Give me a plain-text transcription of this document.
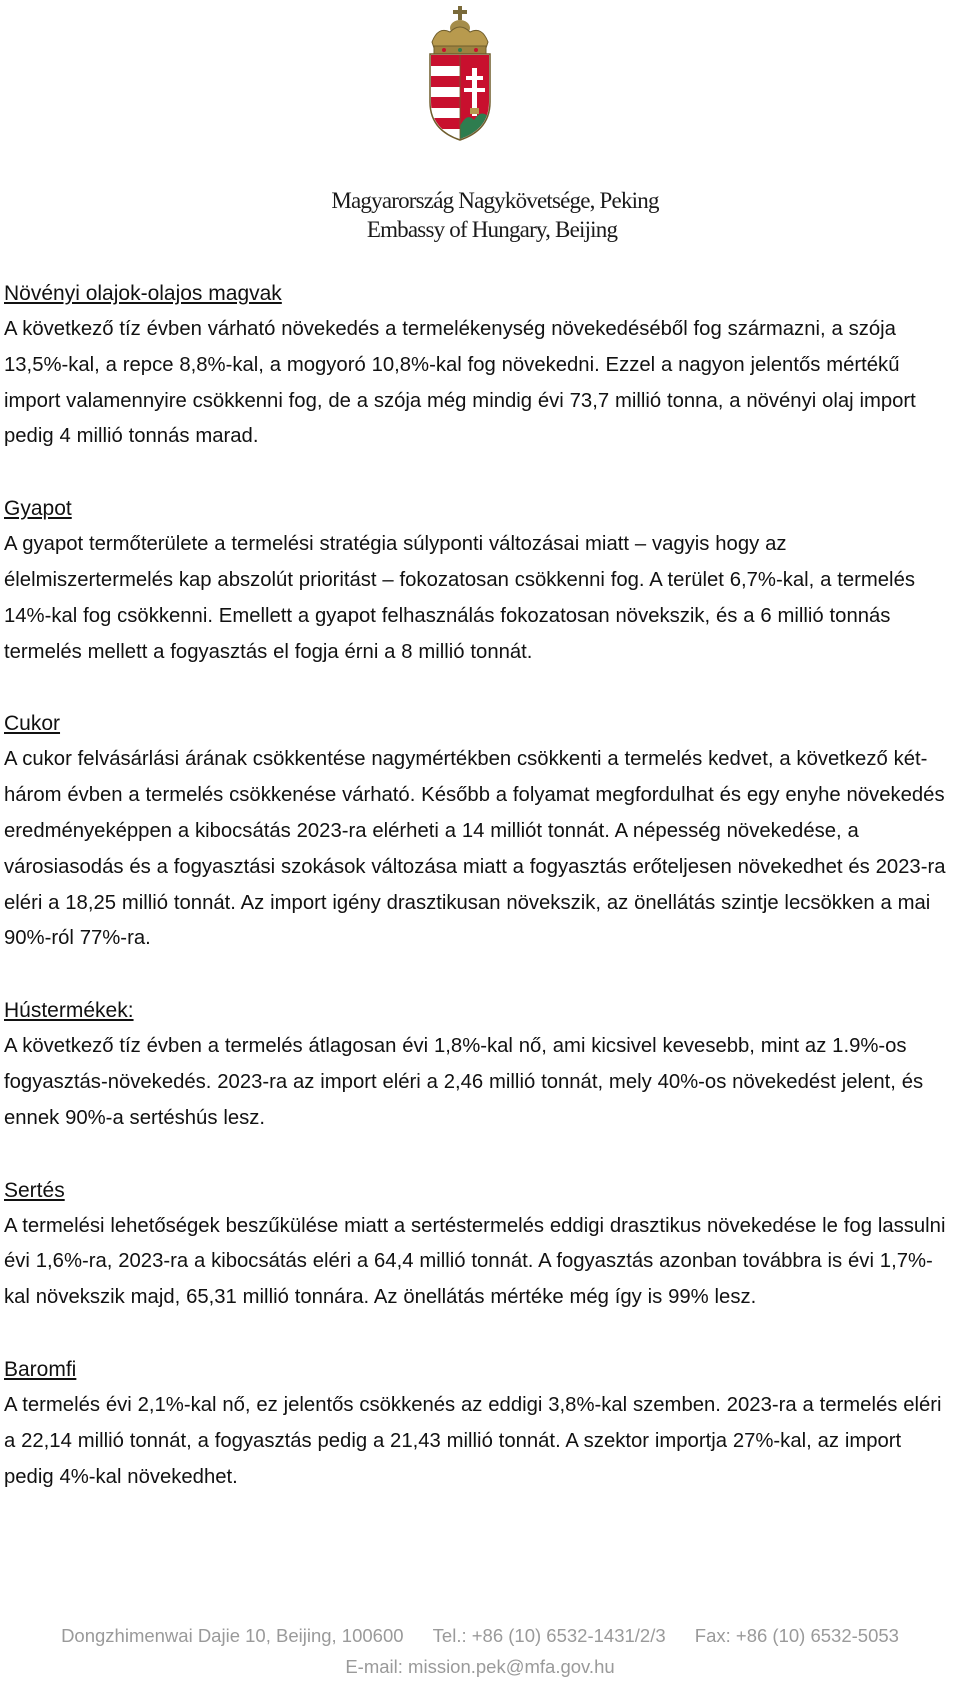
Magyarország Nagykövetsége, Peking
Embassy of Hungary, Beijing
Növényi olajok-olajos magvak

A következő tíz évben várható növekedés a termelékenység növekedéséből fog származni, a szója 13,5%-kal, a repce 8,8%-kal, a mogyoró 10,8%-kal fog növekedni. Ezzel a nagyon jelentős mértékű import valamennyire csökkenni fog, de a szója még mindig évi 73,7 millió tonna, a növényi olaj import pedig 4 millió tonnás marad.

Gyapot

A gyapot termőterülete a termelési stratégia súlyponti változásai miatt – vagyis hogy az élelmiszertermelés kap abszolút prioritást – fokozatosan csökkenni fog. A terület 6,7%-kal, a termelés 14%-kal fog csökkenni. Emellett a gyapot felhasználás fokozatosan növekszik, és a 6 millió tonnás termelés mellett a fogyasztás el fogja érni a 8 millió tonnát.

Cukor

A cukor felvásárlási árának csökkentése nagymértékben csökkenti a termelés kedvet, a következő két-három évben a termelés csökkenése várható. Később a folyamat megfordulhat és egy enyhe növekedés eredményeképpen a kibocsátás 2023-ra elérheti a 14 milliót tonnát. A népesség növekedése, a városiasodás és a fogyasztási szokások változása miatt a fogyasztás erőteljesen növekedhet és 2023-ra eléri a 18,25 millió tonnát. Az import igény drasztikusan növekszik, az önellátás szintje lecsökken a mai 90%-ról 77%-ra.

Hústermékek:

A következő tíz évben a termelés átlagosan évi 1,8%-kal nő, ami kicsivel kevesebb, mint az 1.9%-os fogyasztás-növekedés. 2023-ra az import eléri a 2,46 millió tonnát, mely 40%-os növekedést jelent, és ennek 90%-a sertéshús lesz.

Sertés

A termelési lehetőségek beszűkülése miatt a sertéstermelés eddigi drasztikus növekedése le fog lassulni évi 1,6%-ra, 2023-ra a kibocsátás eléri a 64,4 millió tonnát. A fogyasztás azonban továbbra is évi 1,7%-kal növekszik majd, 65,31 millió tonnára. Az önellátás mértéke még így is 99% lesz.

Baromfi

A termelés évi 2,1%-kal nő, ez jelentős csökkenés az eddigi 3,8%-kal szemben. 2023-ra a termelés eléri a 22,14 millió tonnát, a fogyasztás pedig a 21,43 millió tonnát. A szektor importja 27%-kal, az import pedig 4%-kal növekedhet.

Dongzhimenwai Dajie 10, Beijing, 100600 Tel.: +86 (10) 6532-1431/2/3 Fax: +86 (10) 6532-5053
E-mail: mission.pek@mfa.gov.hu
